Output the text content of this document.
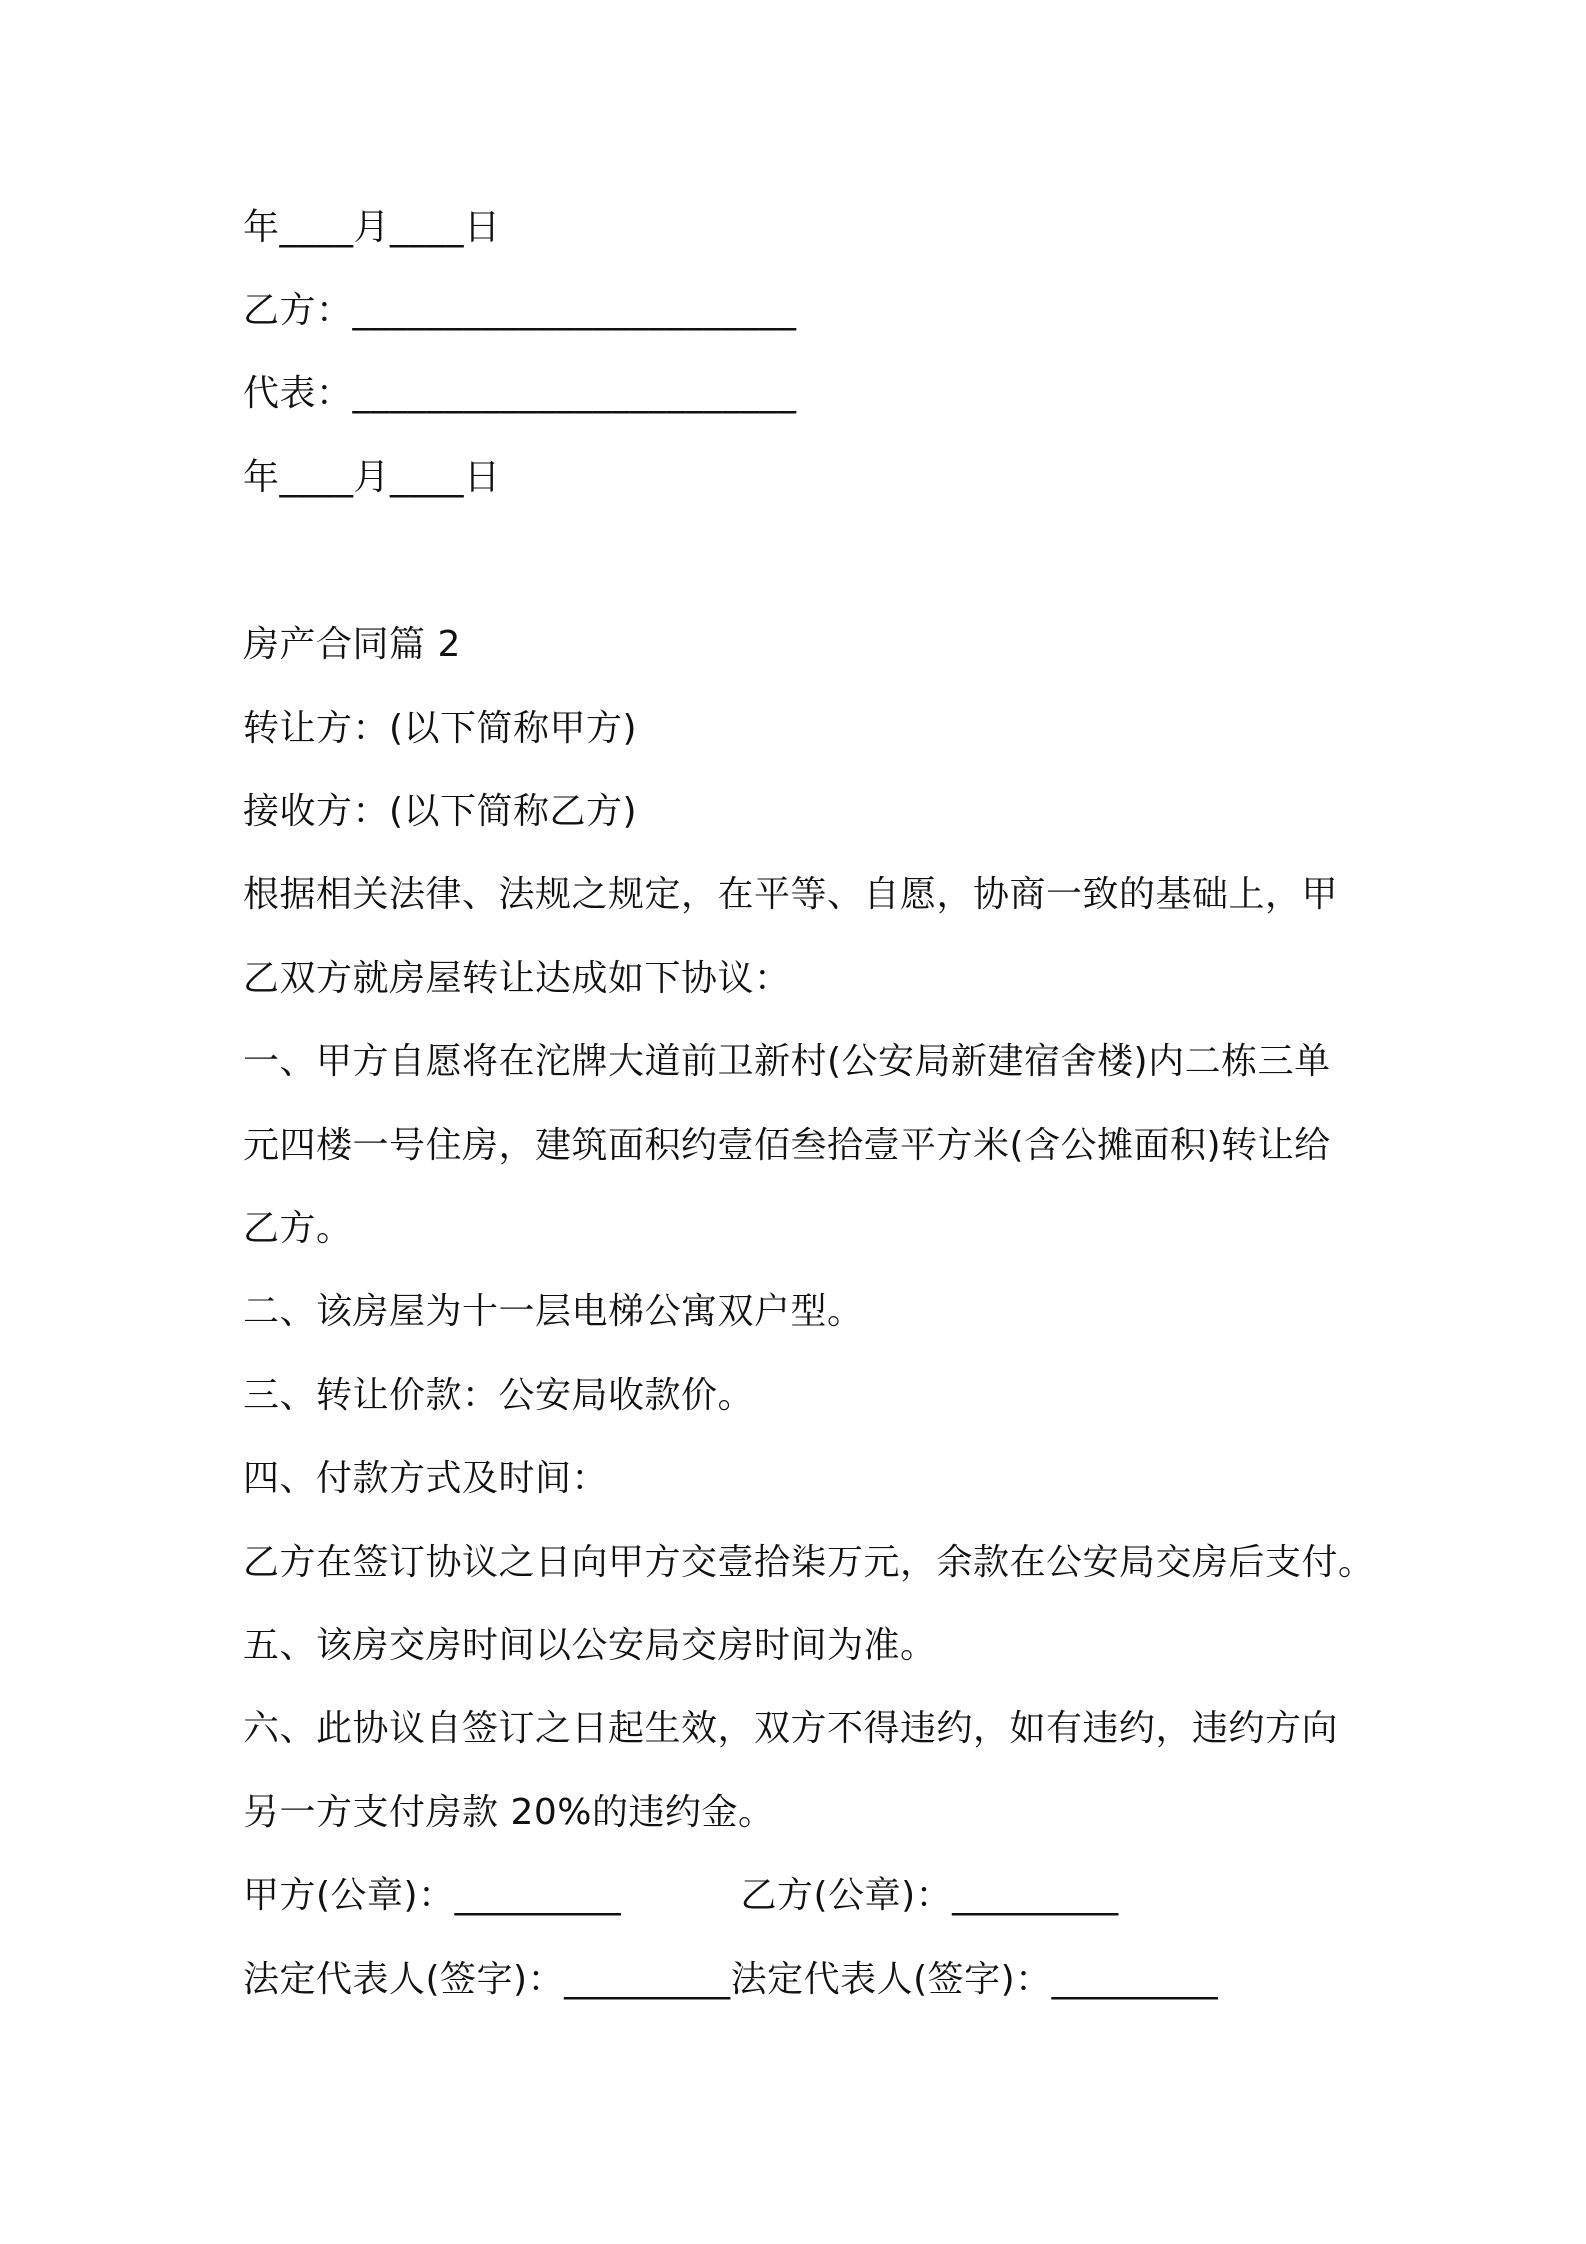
年____月____日
乙方：________________________
代表：________________________
年____月____日
房产合同篇 2
转让方：(以下简称甲方)
接收方：(以下简称乙方)
根据相关法律、法规之规定，在平等、自愿，协商一致的基础上，甲
乙双方就房屋转让达成如下协议：
一、甲方自愿将在沱牌大道前卫新村(公安局新建宿舍楼)内二栋三单
元四楼一号住房，建筑面积约壹佰叁拾壹平方米(含公摊面积)转让给
乙方。
二、该房屋为十一层电梯公寓双户型。
三、转让价款：公安局收款价。
四、付款方式及时间：
乙方在签订协议之日向甲方交壹拾柒万元，余款在公安局交房后支付。
五、该房交房时间以公安局交房时间为准。
六、此协议自签订之日起生效，双方不得违约，如有违约，违约方向
另一方支付房款 20%的违约金。
甲方(公章)：_________          乙方(公章)：_________
法定代表人(签字)：_________法定代表人(签字)：_________
